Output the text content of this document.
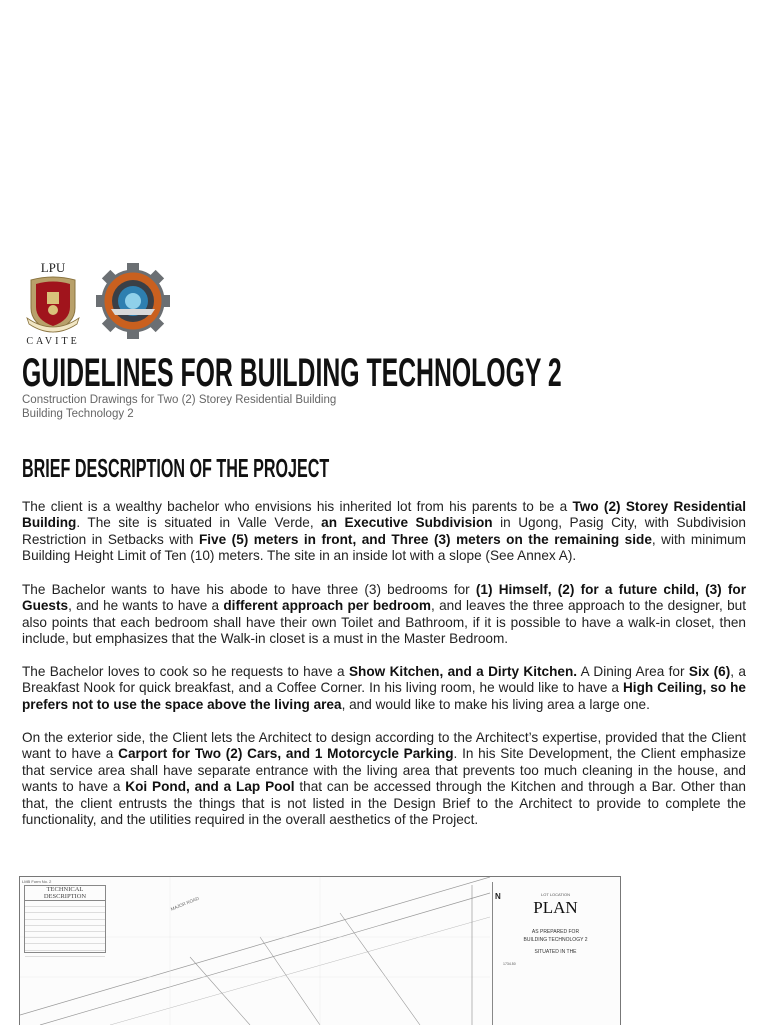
LPU
CAVITE
GUIDELINES FOR BUILDING TECHNOLOGY 2
Construction Drawings for Two (2) Storey Residential Building
Building Technology 2
BRIEF DESCRIPTION OF THE PROJECT

The client is a wealthy bachelor who envisions his inherited lot from his parents to be a Two (2) Storey Residential Building. The site is situated in Valle Verde, an Executive Subdivision in Ugong, Pasig City, with Subdivision Restriction in Setbacks with Five (5) meters in front, and Three (3) meters on the remaining side, with minimum Building Height Limit of Ten (10) meters. The site in an inside lot with a slope (See Annex A).

The Bachelor wants to have his abode to have three (3) bedrooms for (1) Himself, (2) for a future child, (3) for Guests, and he wants to have a different approach per bedroom, and leaves the three approach to the designer, but also points that each bedroom shall have their own Toilet and Bathroom, if it is possible to have a walk-in closet, then include, but emphasizes that the Walk-in closet is a must in the Master Bedroom.

The Bachelor loves to cook so he requests to have a Show Kitchen, and a Dirty Kitchen. A Dining Area for Six (6), a Breakfast Nook for quick breakfast, and a Coffee Corner. In his living room, he would like to have a High Ceiling, so he prefers not to use the space above the living area, and would like to make his living area a large one.

On the exterior side, the Client lets the Architect to design according to the Architect’s expertise, provided that the Client want to have a Carport for Two (2) Cars, and 1 Motorcycle Parking. In his Site Development, the Client emphasize that service area shall have separate entrance with the living area that prevents too much cleaning in the house, and wants to have a Koi Pond, and a Lap Pool that can be accessed through the Kitchen and through a Bar. Other than that, the client entrusts the things that is not listed in the Design Brief to the Architect to provide to complete the functionality, and the utilities required in the overall aesthetics of the Project.

LMB Form No. 2
TECHNICAL DESCRIPTION	MAJOR ROAD	N	LOT LOCATION
PLAN
AS PREPARED FOR
BUILDING TECHNOLOGY 2
SITUATED IN THE
1734.50
